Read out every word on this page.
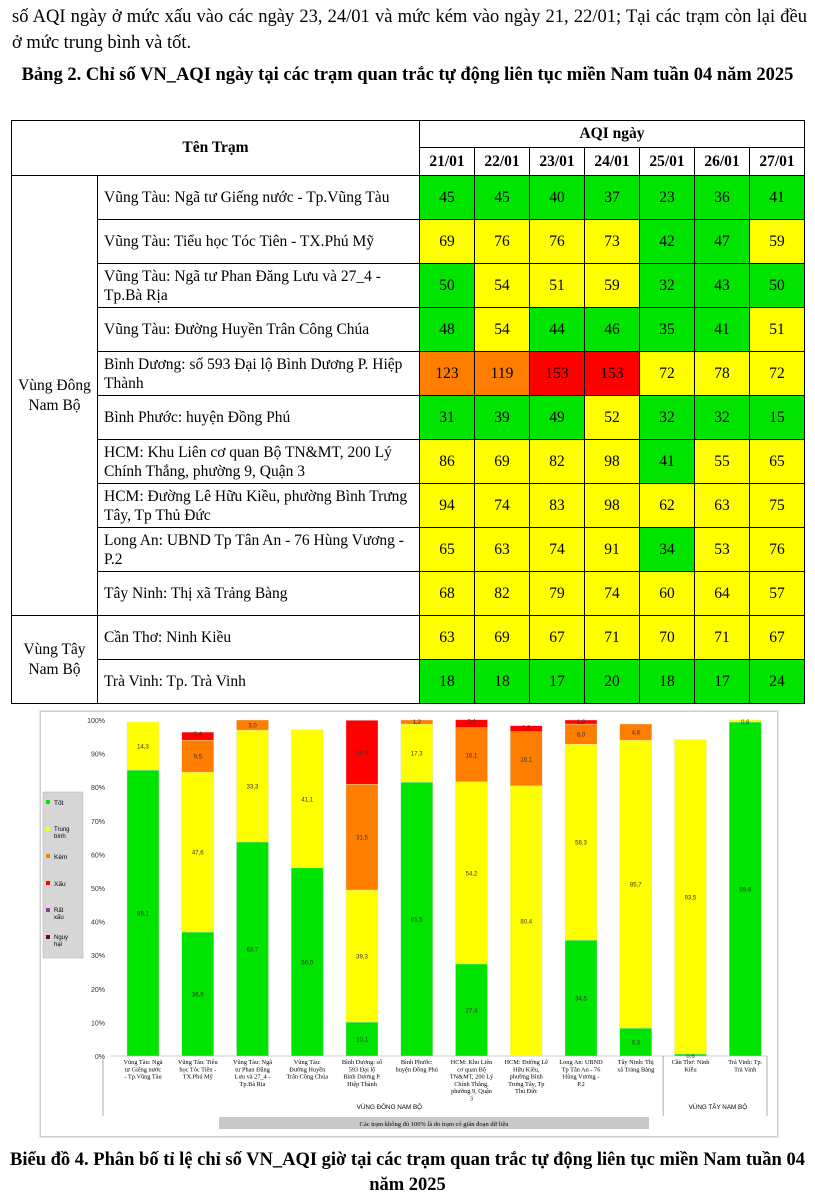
số AQI ngày ở mức xấu vào các ngày 23, 24/01 và mức kém vào ngày 21, 22/01; Tại các trạm còn lại đều ở mức trung bình và tốt.

Bảng 2. Chỉ số VN_AQI ngày tại các trạm quan trắc tự động liên tục miền Nam tuần 04 năm 2025

Tên Trạm		AQI ngày						
		21/01	22/01	23/01	24/01	25/01	26/01	27/01
Vùng Đông Nam Bộ	Vũng Tàu: Ngã tư Giếng nước - Tp.Vũng Tàu	45	45	40	37	23	36	41
	Vũng Tàu: Tiểu học Tóc Tiên - TX.Phú Mỹ	69	76	76	73	42	47	59
	Vũng Tàu: Ngã tư Phan Đăng Lưu và 27_4 - Tp.Bà Rịa	50	54	51	59	32	43	50
	Vũng Tàu: Đường Huyền Trân Công Chúa	48	54	44	46	35	41	51
	Bình Dương: số 593 Đại lộ Bình Dương P. Hiệp Thành	123	119	153	153	72	78	72
	Bình Phước: huyện Đồng Phú	31	39	49	52	32	32	15
	HCM: Khu Liên cơ quan Bộ TN&MT, 200 Lý Chính Thắng, phường 9, Quận 3	86	69	82	98	41	55	65
	HCM: Đường Lê Hữu Kiều, phường Bình Trưng Tây, Tp Thủ Đức	94	74	83	98	62	63	75
	Long An: UBND Tp Tân An - 76 Hùng Vương - P.2	65	63	74	91	34	53	76
	Tây Ninh: Thị xã Trảng Bàng	68	82	79	74	60	64	57
Vùng Tây Nam Bộ	Cần Thơ: Ninh Kiều	63	69	67	71	70	71	67
	Trà Vinh: Tp. Trà Vinh	18	18	17	20	18	17	24
0%
10%
20%
30%
40%
50%
60%
70%
80%
90%
100%
Tốt
Trung
bình
Kém
Xấu
Rất
xấu
Nguy
hại
85,1
14,3
Vũng Tàu: Ngã
tư Giếng nước
- Tp.Vũng Tàu
36,9
47,6
9,5
2,4
Vũng Tàu: Tiểu
học Tóc Tiên -
TX.Phú Mỹ
63,7
33,3
3,0
Vũng Tàu: Ngã
tư Phan Đăng
Lưu và 27_4 -
Tp.Bà Rịa
56,0
41,1
Vũng Tàu:
Đường Huyền
Trân Công Chúa
10,1
39,3
31,5
19,0
Bình Dương: số
593 Đại lộ
Bình Dương P.
Hiệp Thành
81,5
17,3
1,2
Bình Phước:
huyện Đồng Phú
27,4
54,2
16,1
2,4
HCM: Khu Liên
cơ quan Bộ
TN&MT, 200 Lý
Chính Thắng,
phường 9, Quận
3
80,4
16,1
1,8
HCM: Đường Lê
Hữu Kiều,
phường Bình
Trưng Tây, Tp
Thủ Đức
34,5
58,3
6,0
1,2
Long An: UBND
Tp Tân An - 76
Hùng Vương -
P.2
8,3
85,7
4,8
Tây Ninh: Thị
xã Trảng Bàng
0,6
93,5
Cần Thơ: Ninh
Kiều
99,4
0,6
Trà Vinh: Tp.
Trà Vinh
VÙNG ĐÔNG NAM BỘ	VÙNG TÂY NAM BỘ
Các trạm không đủ 100% là do trạm có gián đoạn dữ liệu

Biểu đồ 4. Phân bố tỉ lệ chỉ số VN_AQI giờ tại các trạm quan trắc tự động liên tục miền Nam tuần 04 năm 2025
